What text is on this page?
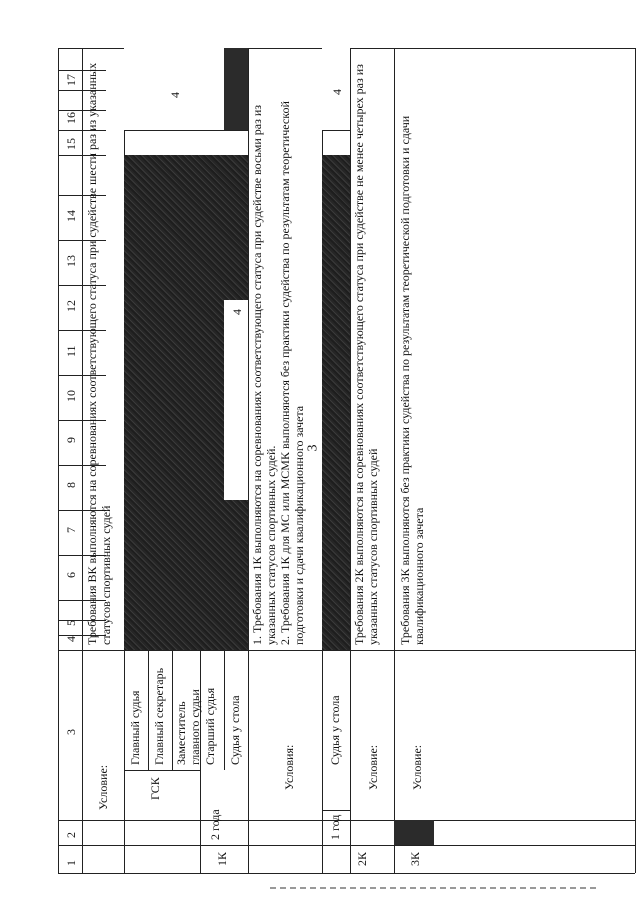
3
1
2
3
4
5
6
7
8
9
10
11
12
13
14
15
16
17
Условие:
Требования ВК выполняются на соревнованиях соответствующего статуса при судействе шести раз из указанных статусов спортивных судей
1К
2 года
ГСК
Главный судья Главный секретарь Заместитель главного судьи Старший судья Судья у стола
4
4
Условия:
1. Требования 1К выполняются на соревнованиях соответствующего статуса при судействе восьми раз из указанных статусов спортивных судей.
2. Требования 1К для МС или МСМК выполняются без практики судейства по результатам теоретической подготовки и сдачи квалификационного зачета
2К
1 год
Судья у стола
4
Условие:
Требования 2К выполняются на соревнованиях соответствующего статуса при судействе не менее четырех раз из указанных статусов спортивных судей
3К
Условие:
Требования 3К выполняются без практики судейства по результатам теоретической подготовки и сдачи квалификационного зачета
